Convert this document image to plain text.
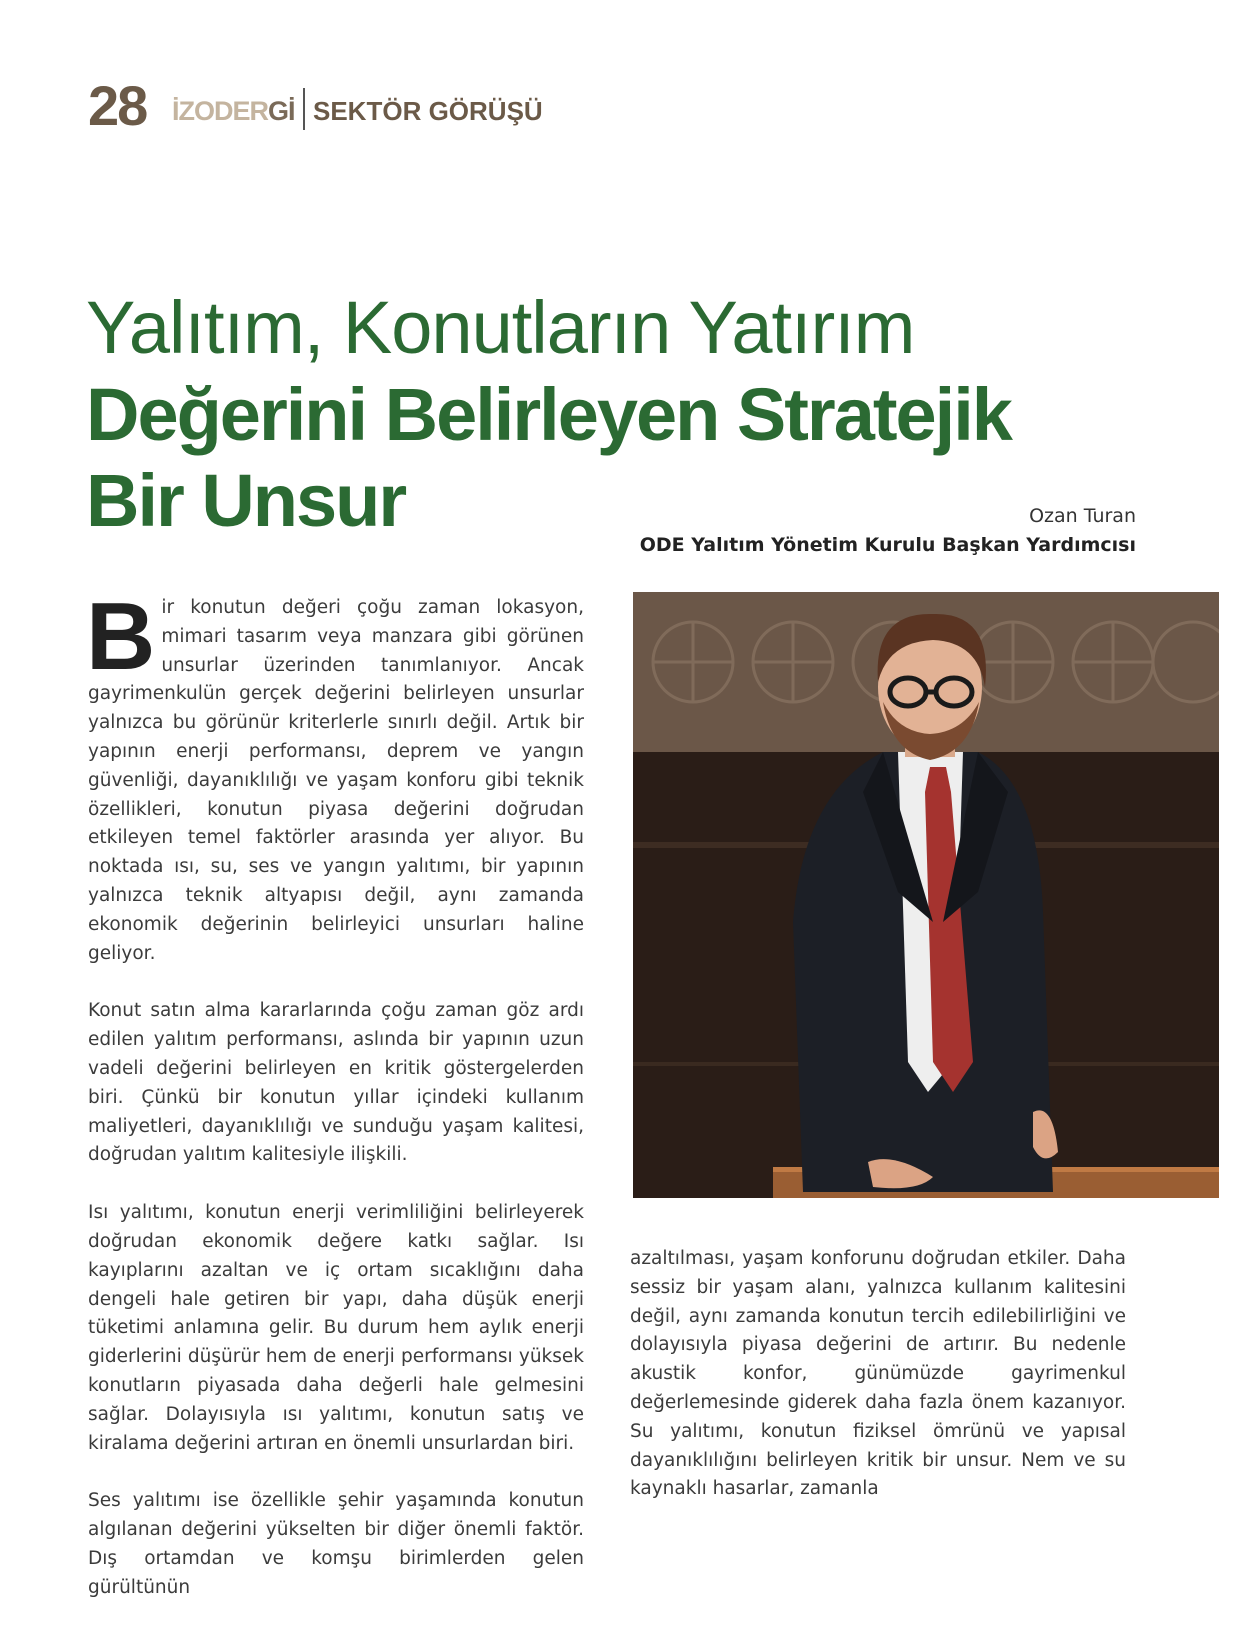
28 İZODERGİ SEKTÖR GÖRÜŞÜ
Yalıtım, Konutların Yatırım
Değerini Belirleyen Stratejik
Bir Unsur	Ozan Turan
ODE Yalıtım Yönetim Kurulu Başkan Yardımcısı

Bir konutun değeri çoğu zaman lokasyon, mimari tasarım veya manzara gibi görünen unsurlar üzerinden tanımlanıyor. Ancak gayrimenkulün gerçek değerini belirleyen unsurlar yalnızca bu görünür kriterlerle sınırlı değil. Artık bir yapının enerji performansı, deprem ve yangın güvenliği, dayanıklılığı ve yaşam konforu gibi teknik özellikleri, konutun piyasa değerini doğrudan etkileyen temel faktörler arasında yer alıyor. Bu noktada ısı, su, ses ve yangın yalıtımı, bir yapının yalnızca teknik altyapısı değil, aynı zamanda ekonomik değerinin belirleyici unsurları haline geliyor.

Konut satın alma kararlarında çoğu zaman göz ardı edilen yalıtım performansı, aslında bir yapının uzun vadeli değerini belirleyen en kritik göstergelerden biri. Çünkü bir konutun yıllar içindeki kullanım maliyetleri, dayanıklılığı ve sunduğu yaşam kalitesi, doğrudan yalıtım kalitesiyle ilişkili.

Isı yalıtımı, konutun enerji verimliliğini belirleyerek doğrudan ekonomik değere katkı sağlar. Isı kayıplarını azaltan ve iç ortam sıcaklığını daha dengeli hale getiren bir yapı, daha düşük enerji tüketimi anlamına gelir. Bu durum hem aylık enerji giderlerini düşürür hem de enerji performansı yüksek konutların piyasada daha değerli hale gelmesini sağlar. Dolayısıyla ısı yalıtımı, konutun satış ve kiralama değerini artıran en önemli unsurlardan biri.

Ses yalıtımı ise özellikle şehir yaşamında konutun algılanan değerini yükselten bir diğer önemli faktör. Dış ortamdan ve komşu birimlerden gelen gürültünün

azaltılması, yaşam konforunu doğrudan etkiler. Daha sessiz bir yaşam alanı, yalnızca kullanım kalitesini değil, aynı zamanda konutun tercih edilebilirliğini ve dolayısıyla piyasa değerini de artırır. Bu nedenle akustik konfor, günümüzde gayrimenkul değerlemesinde giderek daha fazla önem kazanıyor. Su yalıtımı, konutun fiziksel ömrünü ve yapısal dayanıklılığını belirleyen kritik bir unsur. Nem ve su kaynaklı hasarlar, zamanla
